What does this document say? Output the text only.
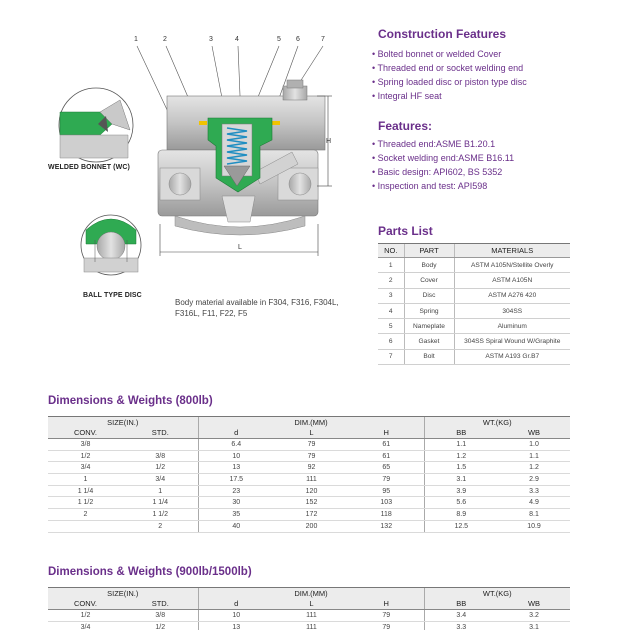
H
L
1	2	3	4	5 6	7
WELDED BONNET (WC)
BALL TYPE DISC
Body material available in F304, F316, F304L, F316L, F11, F22, F5
Construction Features
• Bolted bonnet or welded Cover
• Threaded end or socket welding end
• Spring loaded disc or piston type disc
• Integral HF seat
Features:
• Threaded end:ASME B1.20.1
• Socket welding end:ASME B16.11
• Basic design: API602, BS 5352
• Inspection and test: API598
Parts List
NO.	PART	MATERIALS
1	Body	ASTM A105N/Stellite Overly
2	Cover	ASTM A105N
3	Disc	ASTM A276 420
4	Spring	304SS
5	Nameplate	Aluminum
6	Gasket	304SS Spiral Wound W/Graphite
7	Bolt	ASTM A193 Gr.B7
Dimensions & Weights (800lb)
SIZE(IN.)		DIM.(MM)			WT.(KG)	
CONV.	STD.	d	L	H	BB	WB
3/8		6.4	79	61	1.1	1.0
1/2	3/8	10	79	61	1.2	1.1
3/4	1/2	13	92	65	1.5	1.2
1	3/4	17.5	111	79	3.1	2.9
1 1/4	1	23	120	95	3.9	3.3
1 1/2	1 1/4	30	152	103	5.6	4.9
2	1 1/2	35	172	118	8.9	8.1
	2	40	200	132	12.5	10.9
Dimensions & Weights (900lb/1500lb)
SIZE(IN.)		DIM.(MM)			WT.(KG)	
CONV.	STD.	d	L	H	BB	WB
1/2	3/8	10	111	79	3.4	3.2
3/4	1/2	13	111	79	3.3	3.1
